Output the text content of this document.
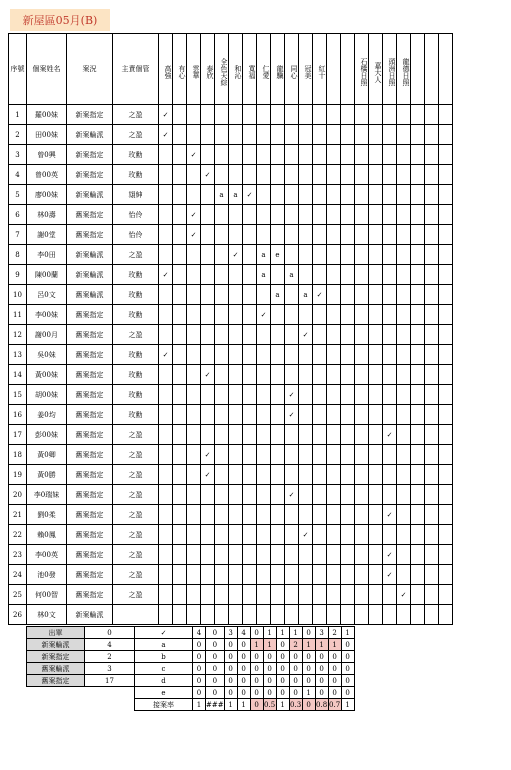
新屋區05月(B)
序號	個案姓名	案況	主責個管	高強	有心	雲華	泰欣	全色天綜	和沁	寬福	仁愛	龍驥	同心	冠美	紅十			石橋日照	嘉大人	頭洲日照	龍德日照			
1	羅00妹	新案指定	之盈	✓																				
2	田00妹	新案輪派	之盈	✓																				
3	曾0興	新案指定	玫勳			✓																		
4	曾00英	新案指定	玫勳				✓																	
5	廖00妹	新案輪派	翃紳					a	a	✓														
6	林0壽	舊案指定	怡伶			✓																		
7	謝0堂	舊案指定	怡伶			✓																		
8	李0田	新案輪派	之盈						✓		a	e												
9	陳00蘭	新案輪派	玫勳	✓							a		a											
10	呂0文	舊案輪派	玫勳									a		a	✓									
11	李00妹	舊案指定	玫勳								✓													
12	謝00月	舊案指定	之盈											✓										
13	吳0妹	舊案指定	玫勳	✓																				
14	黃00妹	舊案指定	玫勳				✓																	
15	胡00妹	舊案指定	玫勳										✓											
16	姜0均	舊案指定	玫勳										✓											
17	彭00妹	舊案指定	之盈																	✓				
18	黃0卿	舊案指定	之盈				✓																	
19	黃0勝	舊案指定	之盈				✓																	
20	李0瑞妹	舊案指定	之盈										✓											
21	劉0柔	舊案指定	之盈																	✓				
22	賴0鳳	舊案指定	之盈											✓										
23	李00英	舊案指定	之盈																	✓				
24	池0發	舊案指定	之盈																	✓				
25	何00智	舊案指定	之盈																		✓			
26	林0文	新案輪派																						
出單	0	✓	4	0	3	4	0	1	1	1	0	3	2	1
新案輪派	4	a	0	0	0	0	1	1	0	2	1	1	1	0
新案指定	2	b	0	0	0	0	0	0	0	0	0	0	0	0
舊案輪派	3	c	0	0	0	0	0	0	0	0	0	0	0	0
舊案指定	17	d	0	0	0	0	0	0	0	0	0	0	0	0
		e	0	0	0	0	0	0	0	0	1	0	0	0
		接案率	1	###	1	1	0	0.5	1	0.3	0	0.8	0.7	1
